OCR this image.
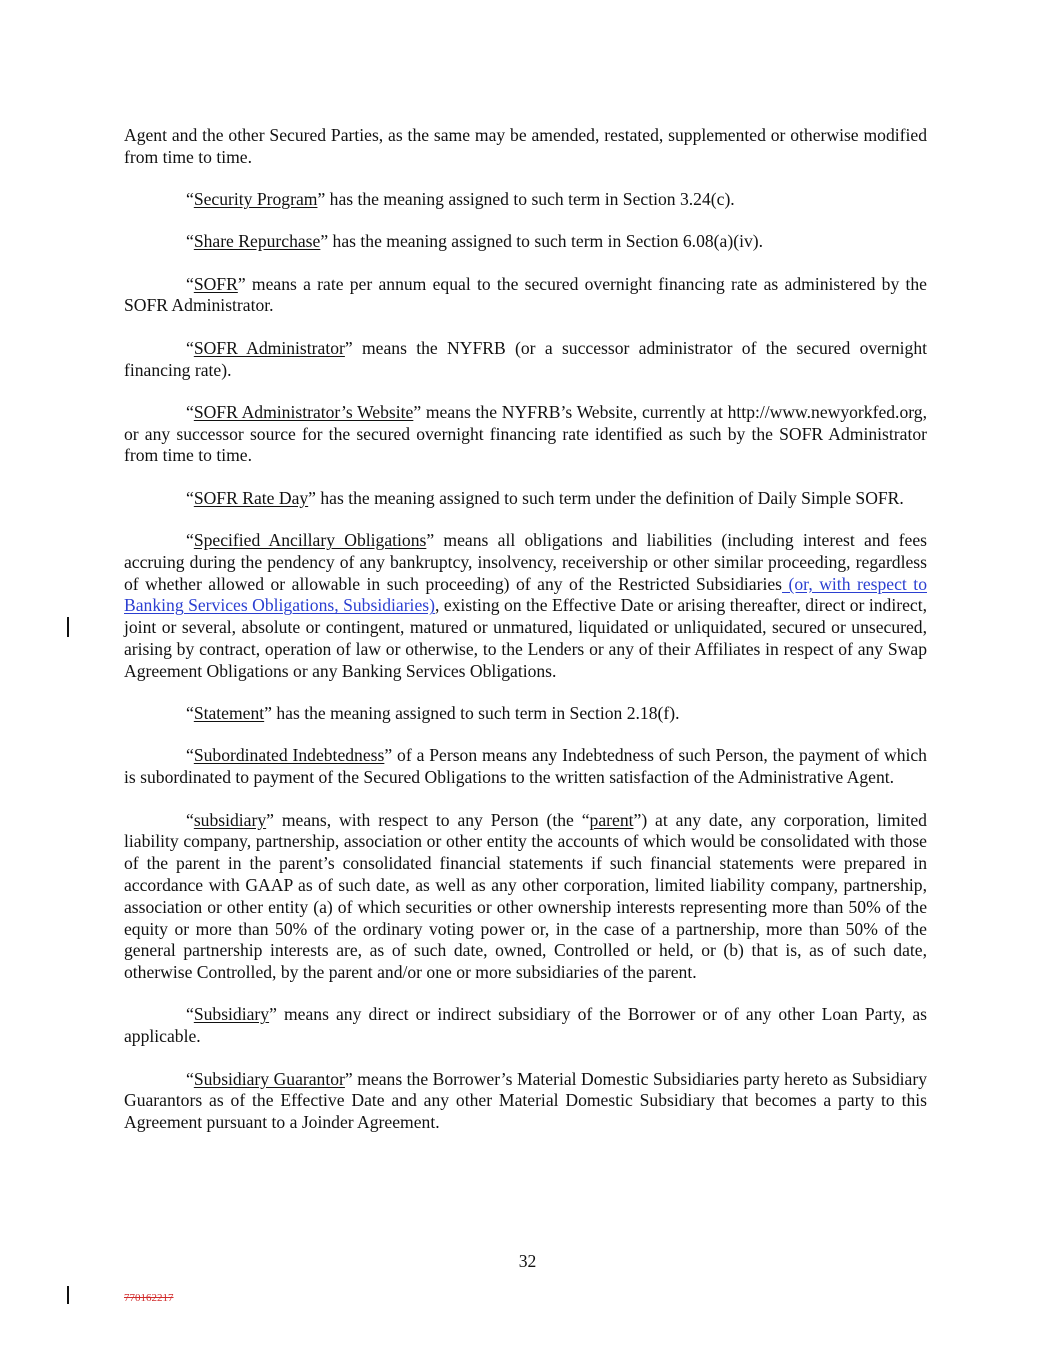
Agent and the other Secured Parties, as the same may be amended, restated, supplemented or otherwise modified from time to time.

“Security Program” has the meaning assigned to such term in Section 3.24(c).

“Share Repurchase” has the meaning assigned to such term in Section 6.08(a)(iv).

“SOFR” means a rate per annum equal to the secured overnight financing rate as administered by the SOFR Administrator.

“SOFR Administrator” means the NYFRB (or a successor administrator of the secured overnight financing rate).

“SOFR Administrator’s Website” means the NYFRB’s Website, currently at http://www.newyorkfed.org, or any successor source for the secured overnight financing rate identified as such by the SOFR Administrator from time to time.

“SOFR Rate Day” has the meaning assigned to such term under the definition of Daily Simple SOFR.

“Specified Ancillary Obligations” means all obligations and liabilities (including interest and fees accruing during the pendency of any bankruptcy, insolvency, receivership or other similar proceeding, regardless of whether allowed or allowable in such proceeding) of any of the Restricted Subsidiaries (or, with respect to Banking Services Obligations, Subsidiaries), existing on the Effective Date or arising thereafter, direct or indirect, joint or several, absolute or contingent, matured or unmatured, liquidated or unliquidated, secured or unsecured, arising by contract, operation of law or otherwise, to the Lenders or any of their Affiliates in respect of any Swap Agreement Obligations or any Banking Services Obligations.

“Statement” has the meaning assigned to such term in Section 2.18(f).

“Subordinated Indebtedness” of a Person means any Indebtedness of such Person, the payment of which is subordinated to payment of the Secured Obligations to the written satisfaction of the Administrative Agent.

“subsidiary” means, with respect to any Person (the “parent”) at any date, any corporation, limited liability company, partnership, association or other entity the accounts of which would be consolidated with those of the parent in the parent’s consolidated financial statements if such financial statements were prepared in accordance with GAAP as of such date, as well as any other corporation, limited liability company, partnership, association or other entity (a) of which securities or other ownership interests representing more than 50% of the equity or more than 50% of the ordinary voting power or, in the case of a partnership, more than 50% of the general partnership interests are, as of such date, owned, Controlled or held, or (b) that is, as of such date, otherwise Controlled, by the parent and/or one or more subsidiaries of the parent.

“Subsidiary” means any direct or indirect subsidiary of the Borrower or of any other Loan Party, as applicable.

“Subsidiary Guarantor” means the Borrower’s Material Domestic Subsidiaries party hereto as Subsidiary Guarantors as of the Effective Date and any other Material Domestic Subsidiary that becomes a party to this Agreement pursuant to a Joinder Agreement.

32
770162217
